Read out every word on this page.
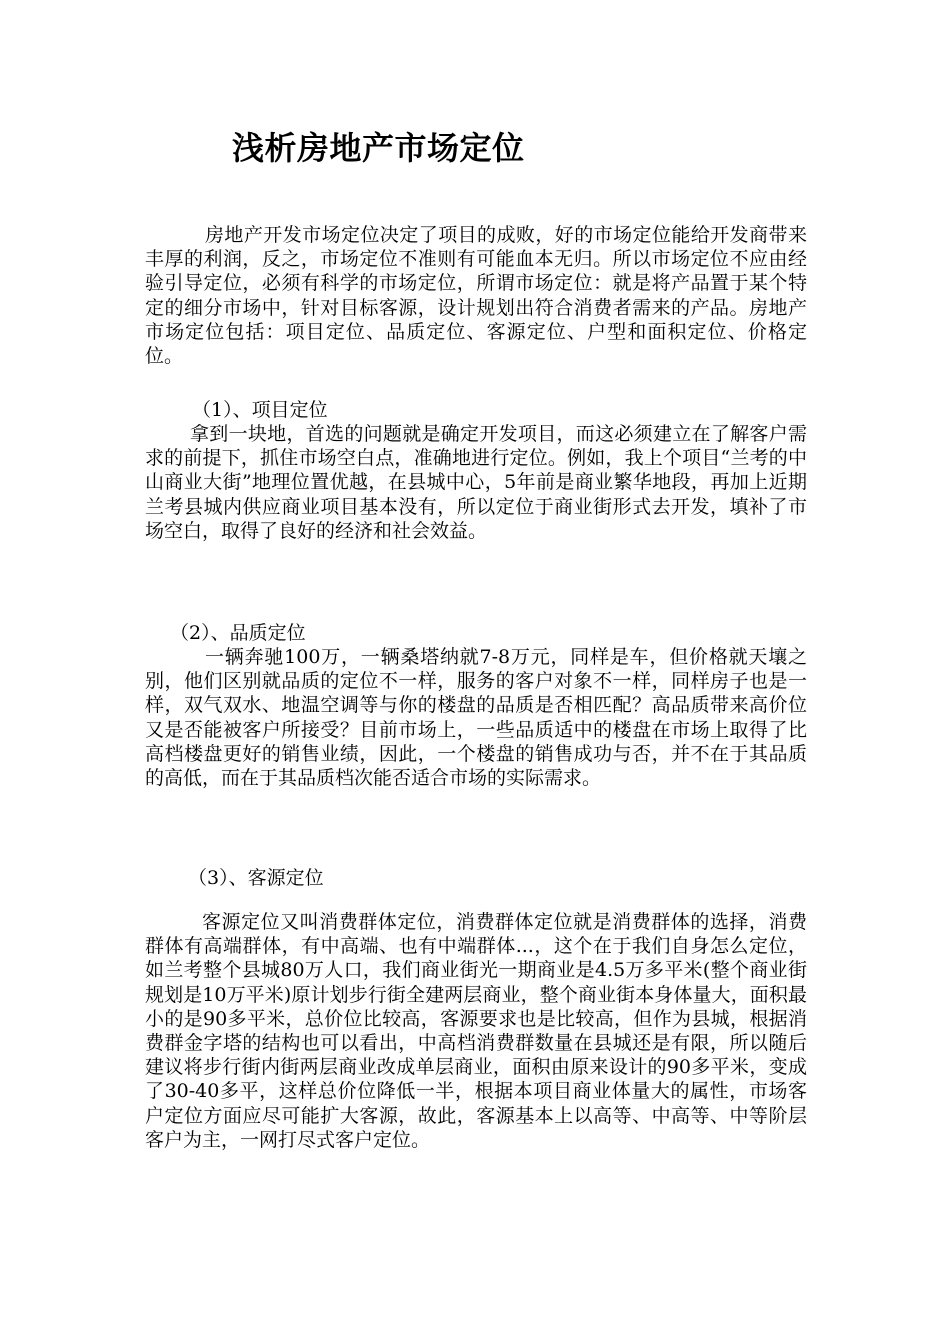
浅析房地产市场定位

房地产开发市场定位决定了项目的成败，好的市场定位能给开发商带来丰厚的利润，反之，市场定位不准则有可能血本无归。所以市场定位不应由经验引导定位，必须有科学的市场定位，所谓市场定位：就是将产品置于某个特定的细分市场中，针对目标客源，设计规划出符合消费者需来的产品。房地产市场定位包括：项目定位、品质定位、客源定位、户型和面积定位、价格定位。

（1）、项目定位

拿到一块地，首选的问题就是确定开发项目，而这必须建立在了解客户需求的前提下，抓住市场空白点，准确地进行定位。例如，我上个项目“兰考的中山商业大街”地理位置优越，在县城中心，5年前是商业繁华地段，再加上近期兰考县城内供应商业项目基本没有，所以定位于商业街形式去开发，填补了市场空白，取得了良好的经济和社会效益。

（2）、品质定位

一辆奔驰100万，一辆桑塔纳就7-8万元，同样是车，但价格就天壤之别，他们区别就品质的定位不一样，服务的客户对象不一样，同样房子也是一样，双气双水、地温空调等与你的楼盘的品质是否相匹配？高品质带来高价位又是否能被客户所接受？目前市场上，一些品质适中的楼盘在市场上取得了比高档楼盘更好的销售业绩，因此，一个楼盘的销售成功与否，并不在于其品质的高低，而在于其品质档次能否适合市场的实际需求。

（3）、客源定位

客源定位又叫消费群体定位，消费群体定位就是消费群体的选择，消费群体有高端群体，有中高端、也有中端群体...，这个在于我们自身怎么定位，如兰考整个县城80万人口，我们商业街光一期商业是4.5万多平米(整个商业街规划是10万平米)原计划步行街全建两层商业，整个商业街本身体量大，面积最小的是90多平米，总价位比较高，客源要求也是比较高，但作为县城，根据消费群金字塔的结构也可以看出，中高档消费群数量在县城还是有限，所以随后建议将步行街内街两层商业改成单层商业，面积由原来设计的90多平米，变成了30-40多平，这样总价位降低一半，根据本项目商业体量大的属性，市场客户定位方面应尽可能扩大客源，故此，客源基本上以高等、中高等、中等阶层客户为主，一网打尽式客户定位。
